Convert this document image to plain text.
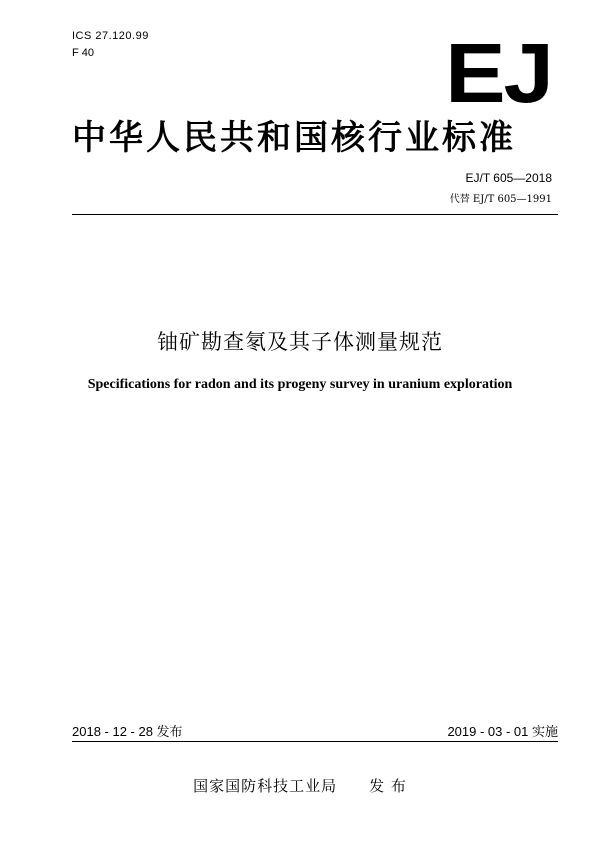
ICS 27.120.99
F 40	EJ
中华人民共和国核行业标准
EJ/T 605—2018
代替 EJ/T 605—1991
铀矿勘查氡及其子体测量规范
Specifications for radon and its progeny survey in uranium exploration
2018 - 12 - 28 发布	2019 - 03 - 01 实施
国家国防科技工业局 发 布
